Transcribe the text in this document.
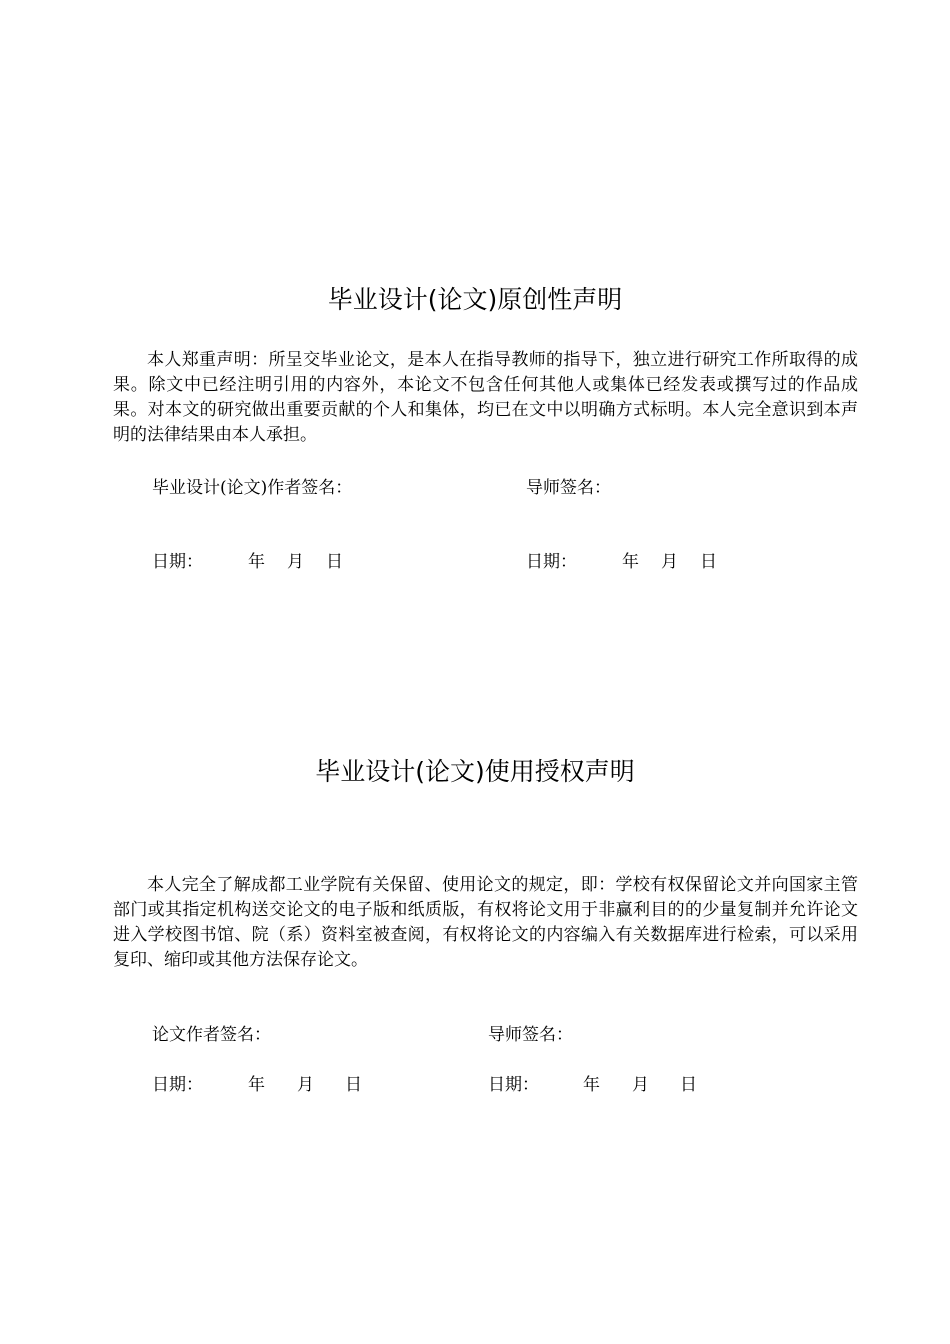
毕业设计(论文)原创性声明

本人郑重声明：所呈交毕业论文，是本人在指导教师的指导下，独立进行研究工作所取得的成果。除文中已经注明引用的内容外，本论文不包含任何其他人或集体已经发表或撰写过的作品成果。对本文的研究做出重要贡献的个人和集体，均已在文中以明确方式标明。本人完全意识到本声明的法律结果由本人承担。

毕业设计(论文)作者签名：	导师签名：
日期：	年 月 日	日期：	年 月 日
毕业设计(论文)使用授权声明

本人完全了解成都工业学院有关保留、使用论文的规定，即：学校有权保留论文并向国家主管部门或其指定机构送交论文的电子版和纸质版，有权将论文用于非赢利目的的少量复制并允许论文进入学校图书馆、院（系）资料室被查阅，有权将论文的内容编入有关数据库进行检索，可以采用复印、缩印或其他方法保存论文。

论文作者签名：	导师签名：
日期：	年 月 日	日期：	年 月 日
